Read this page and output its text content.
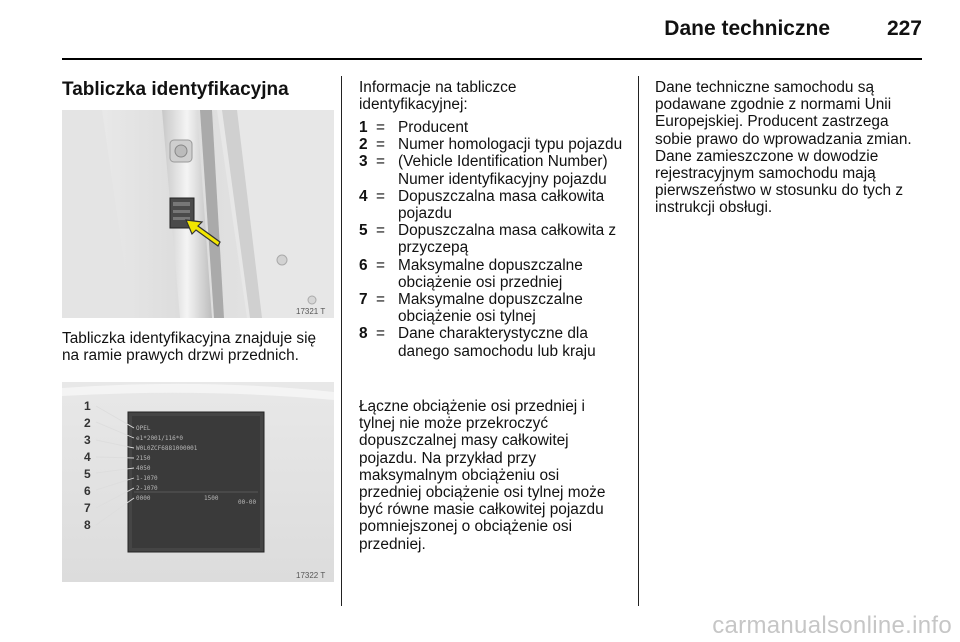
Dane techniczne	227
Tabliczka identyfikacyjna
17321 T
Tabliczka identyfikacyjna znajduje się na ramie prawych drzwi przednich.
OPEL
e1*2001/116*0
W0L0ZCF6881000001
2150
4050
1-1070
2-1070
0000	1500
00-00
1
2
3
4
5
6
7
8
17322 T
Informacje na tabliczce identyfikacyjnej:
1 = Producent
2 = Numer homologacji typu pojazdu
3 = (Vehicle Identification Number) Numer identyfikacyjny pojazdu
4 = Dopuszczalna masa całkowita pojazdu
5 = Dopuszczalna masa całkowita z przyczepą
6 = Maksymalne dopuszczalne obciążenie osi przedniej
7 = Maksymalne dopuszczalne obciążenie osi tylnej
8 = Dane charakterystyczne dla danego samochodu lub kraju
Łączne obciążenie osi przedniej i tylnej nie może przekroczyć dopuszczalnej masy całkowitej pojazdu. Na przykład przy maksymalnym obciążeniu osi przedniej obciążenie osi tylnej może być równe masie całkowitej pojazdu pomniejszonej o obciążenie osi przedniej.
Dane techniczne samochodu są podawane zgodnie z normami Unii Europejskiej. Producent zastrzega sobie prawo do wprowadzania zmian. Dane zamieszczone w dowodzie rejestracyjnym samochodu mają pierwszeństwo w stosunku do tych z instrukcji obsługi.
carmanualsonline.info
